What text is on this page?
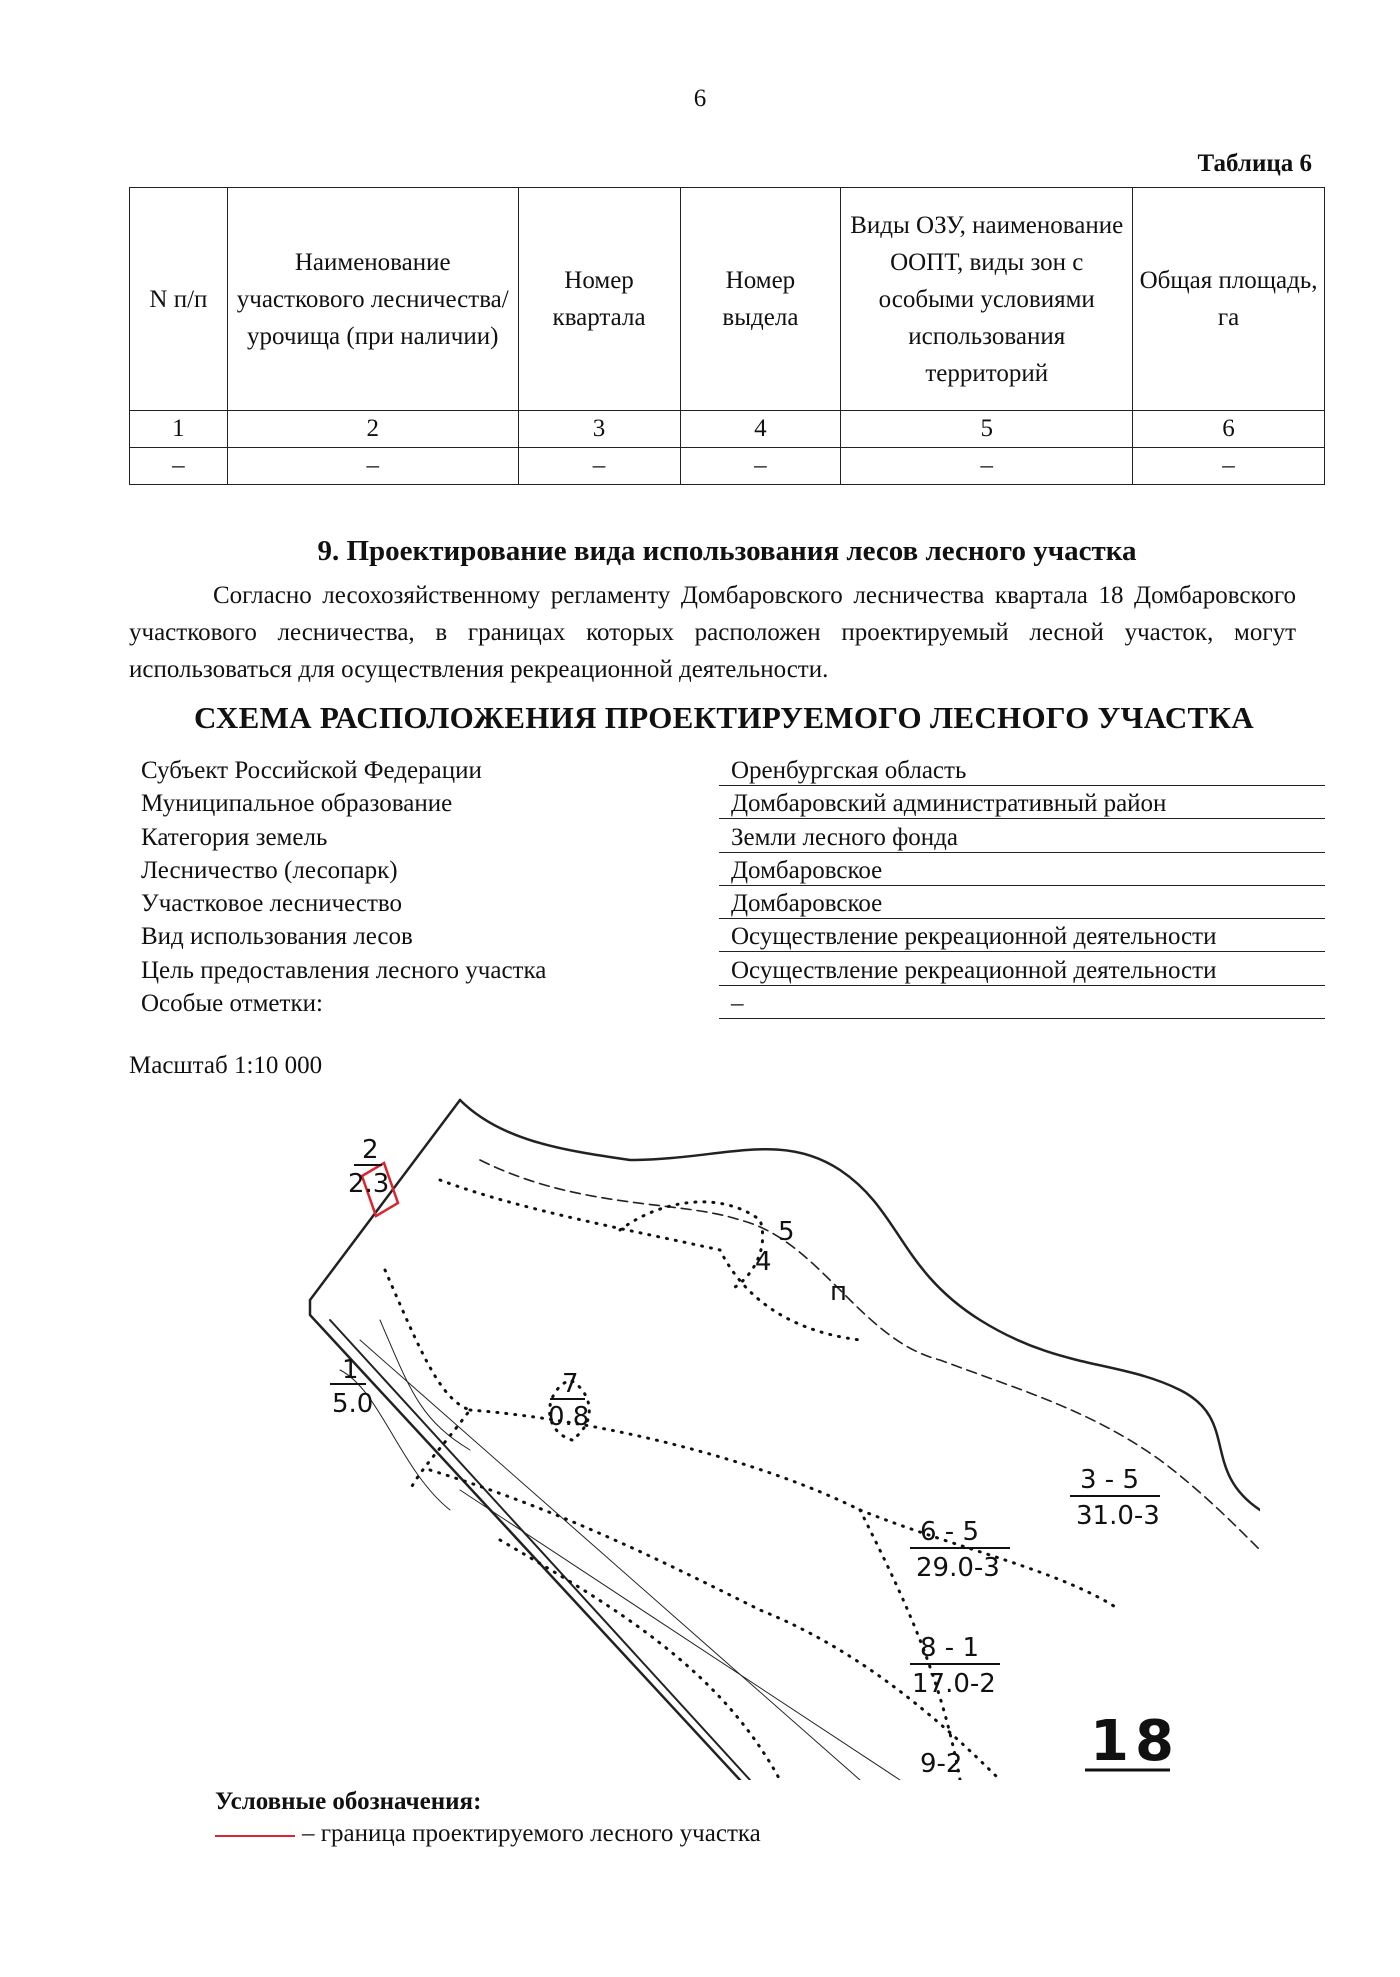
6
Таблица 6
N п/п	Наименование участкового лесничества/урочища (при наличии)	Номер квартала	Номер выдела	Виды ОЗУ, наименование ООПТ, виды зон с особыми условиями использования территорий	Общая площадь, га
1	2	3	4	5	6
–	–	–	–	–	–
9. Проектирование вида использования лесов лесного участка
Согласно лесохозяйственному регламенту Домбаровского лесничества квартала 18 Домбаровского участкового лесничества, в границах которых расположен проектируемый лесной участок, могут использоваться для осуществления рекреационной деятельности.
СХЕМА РАСПОЛОЖЕНИЯ ПРОЕКТИРУЕМОГО ЛЕСНОГО УЧАСТКА
Субъект Российской Федерации	Оренбургская область
Муниципальное образование	Домбаровский административный район
Категория земель	Земли лесного фонда
Лесничество (лесопарк)	Домбаровское
Участковое лесничество	Домбаровское
Вид использования лесов	Осуществление рекреационной деятельности
Цель предоставления лесного участка	Осуществление рекреационной деятельности
Особые отметки:	–
Масштаб 1:10 000
2
2.3
1
5.0
7
0.8
6 - 5
29.0-3
3 - 5
31.0-3
8 - 1
17.0-2
9-2
4
5
п
18
Условные обозначения:
– граница проектируемого лесного участка
